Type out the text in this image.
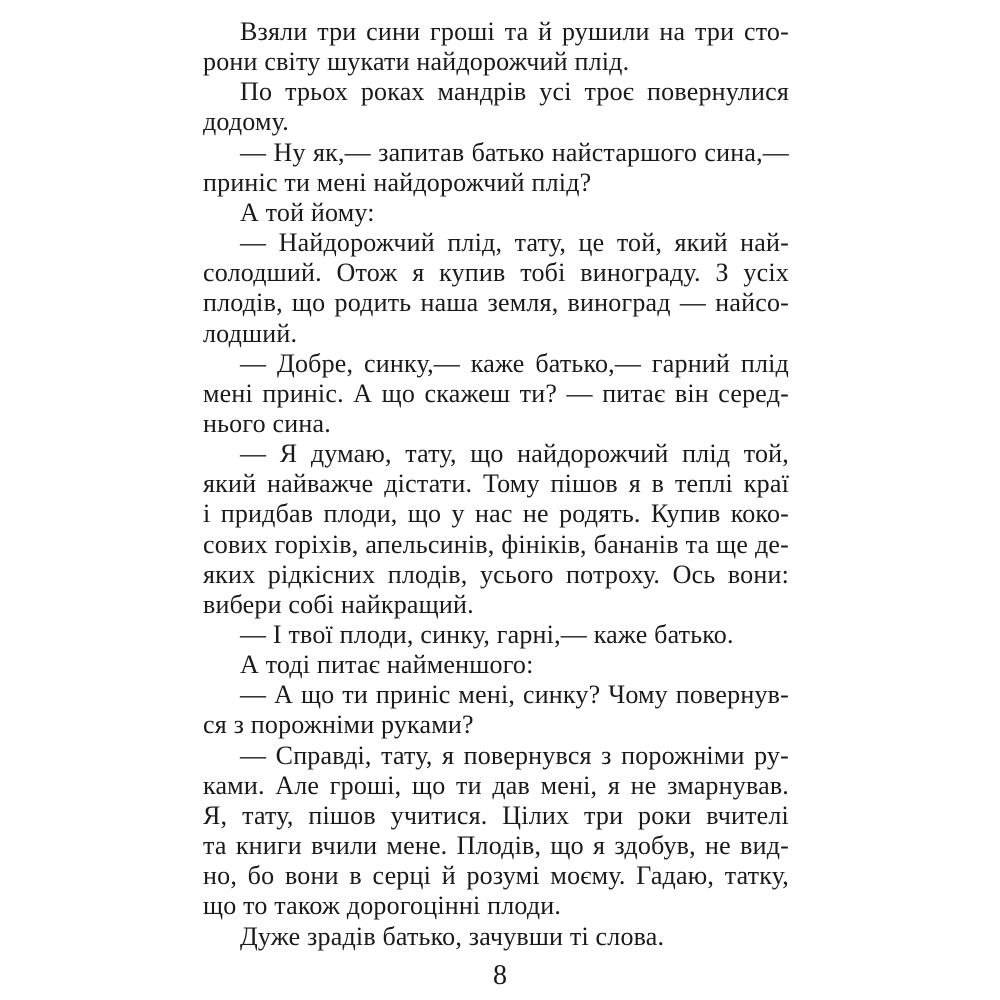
Взяли три сини гроші та й рушили на три сто-
рони світу шукати найдорожчий плід.
По трьох роках мандрів усі троє повернулися
додому.
— Ну як,— запитав батько найстаршого сина,—
приніс ти мені найдорожчий плід?
А той йому:
— Найдорожчий плід, тату, це той, який най-
солодший. Отож я купив тобі винограду. З усіх
плодів, що родить наша земля, виноград — найсо-
лодший.
— Добре, синку,— каже батько,— гарний плід
мені приніс. А що скажеш ти? — питає він серед-
нього сина.
— Я думаю, тату, що найдорожчий плід той,
який найважче дістати. Тому пішов я в теплі краї
і придбав плоди, що у нас не родять. Купив коко-
сових горіхів, апельсинів, фініків, бананів та ще де-
яких рідкісних плодів, усього потроху. Ось вони:
вибери собі найкращий.
— І твої плоди, синку, гарні,— каже батько.
А тоді питає найменшого:
— А що ти приніс мені, синку? Чому повернув-
ся з порожніми руками?
— Справді, тату, я повернувся з порожніми ру-
ками. Але гроші, що ти дав мені, я не змарнував.
Я, тату, пішов учитися. Цілих три роки вчителі
та книги вчили мене. Плодів, що я здобув, не вид-
но, бо вони в серці й розумі моєму. Гадаю, татку,
що то також дорогоцінні плоди.
Дуже зрадів батько, зачувши ті слова.
8
